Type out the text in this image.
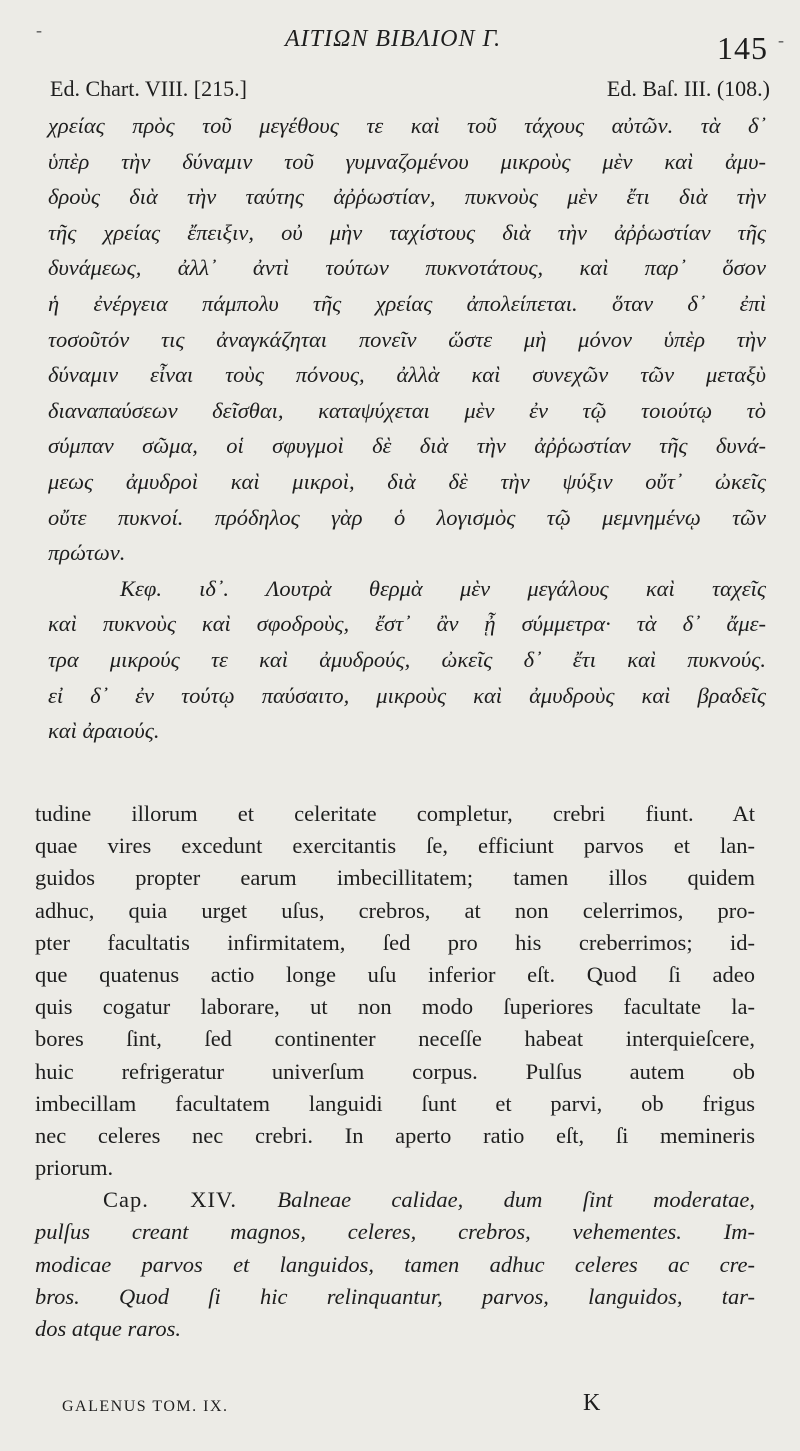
-	-
ΑΙΤΙΩΝ ΒΙΒΛΙΟΝ Γ.	145
Ed. Chart. VIII. [215.]	Ed. Baſ. III. (108.)
χρείας πρὸς τοῦ μεγέθους τε καὶ τοῦ τάχους αὐτῶν. τὰ δ᾽
ὑπὲρ τὴν δύναμιν τοῦ γυμναζομένου μικροὺς μὲν καὶ ἀμυ-
δροὺς διὰ τὴν ταύτης ἀῤῥωστίαν, πυκνοὺς μὲν ἔτι διὰ τὴν
τῆς χρείας ἔπειξιν, οὐ μὴν ταχίστους διὰ τὴν ἀῤῥωστίαν τῆς
δυνάμεως, ἀλλ᾽ ἀντὶ τούτων πυκνοτάτους, καὶ παρ᾽ ὅσον
ἡ ἐνέργεια πάμπολυ τῆς χρείας ἀπολείπεται. ὅταν δ᾽ ἐπὶ
τοσοῦτόν τις ἀναγκάζηται πονεῖν ὥστε μὴ μόνον ὑπὲρ τὴν
δύναμιν εἶναι τοὺς πόνους, ἀλλὰ καὶ συνεχῶν τῶν μεταξὺ
διαναπαύσεων δεῖσθαι, καταψύχεται μὲν ἐν τῷ τοιούτῳ τὸ
σύμπαν σῶμα, οἱ σφυγμοὶ δὲ διὰ τὴν ἀῤῥωστίαν τῆς δυνά-
μεως ἀμυδροὶ καὶ μικροὶ, διὰ δὲ τὴν ψύξιν οὔτ᾽ ὠκεῖς
οὔτε πυκνοί. πρόδηλος γὰρ ὁ λογισμὸς τῷ μεμνημένῳ τῶν
πρώτων.
Κεφ. ιδ᾽. Λουτρὰ θερμὰ μὲν μεγάλους καὶ ταχεῖς
καὶ πυκνοὺς καὶ σφοδροὺς, ἔστ᾽ ἂν ᾖ σύμμετρα· τὰ δ᾽ ἄμε-
τρα μικρούς τε καὶ ἀμυδρούς, ὠκεῖς δ᾽ ἔτι καὶ πυκνούς.
εἰ δ᾽ ἐν τούτῳ παύσαιτο, μικροὺς καὶ ἀμυδροὺς καὶ βραδεῖς
καὶ ἀραιούς.
tudine illorum et celeritate completur, crebri fiunt. At
quae vires excedunt exercitantis ſe, efficiunt parvos et lan-
guidos propter earum imbecillitatem; tamen illos quidem
adhuc, quia urget uſus, crebros, at non celerrimos, pro-
pter facultatis infirmitatem, ſed pro his creberrimos; id-
que quatenus actio longe uſu inferior eſt. Quod ſi adeo
quis cogatur laborare, ut non modo ſuperiores facultate la-
bores ſint, ſed continenter neceſſe habeat interquieſcere,
huic refrigeratur univerſum corpus. Pulſus autem ob
imbecillam facultatem languidi ſunt et parvi, ob frigus
nec celeres nec crebri. In aperto ratio eſt, ſi memineris
priorum.
Cap. XIV. Balneae calidae, dum ſint moderatae,
pulſus creant magnos, celeres, crebros, vehementes. Im-
modicae parvos et languidos, tamen adhuc celeres ac cre-
bros. Quod ſi hic relinquantur, parvos, languidos, tar-
dos atque raros.
GALENUS TOM. IX.	K
